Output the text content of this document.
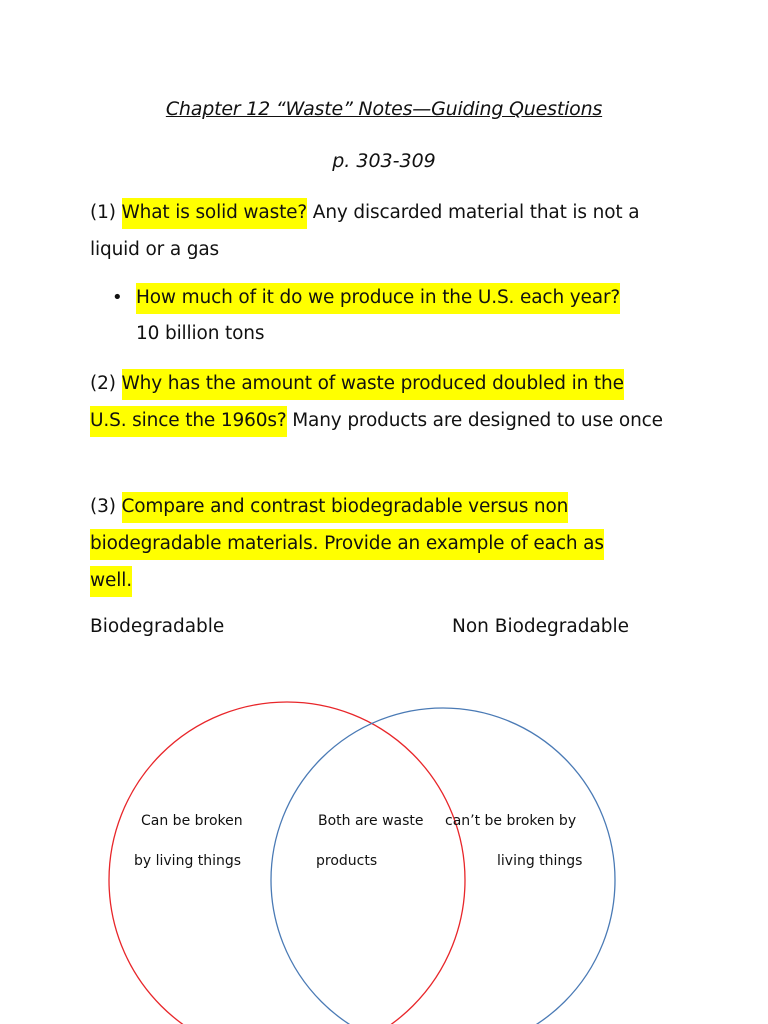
Chapter 12 “Waste” Notes—Guiding Questions
p. 303-309
(1) What is solid waste? Any discarded material that is not a liquid or a gas
• How much of it do we produce in the U.S. each year?
10 billion tons
(2) Why has the amount of waste produced doubled in the
U.S. since the 1960s? Many products are designed to use once
(3) Compare and contrast biodegradable versus non
biodegradable materials. Provide an example of each as
well.
Biodegradable	Non Biodegradable
Can be broken
by living things
Both are waste
products
can’t be broken by
living things
